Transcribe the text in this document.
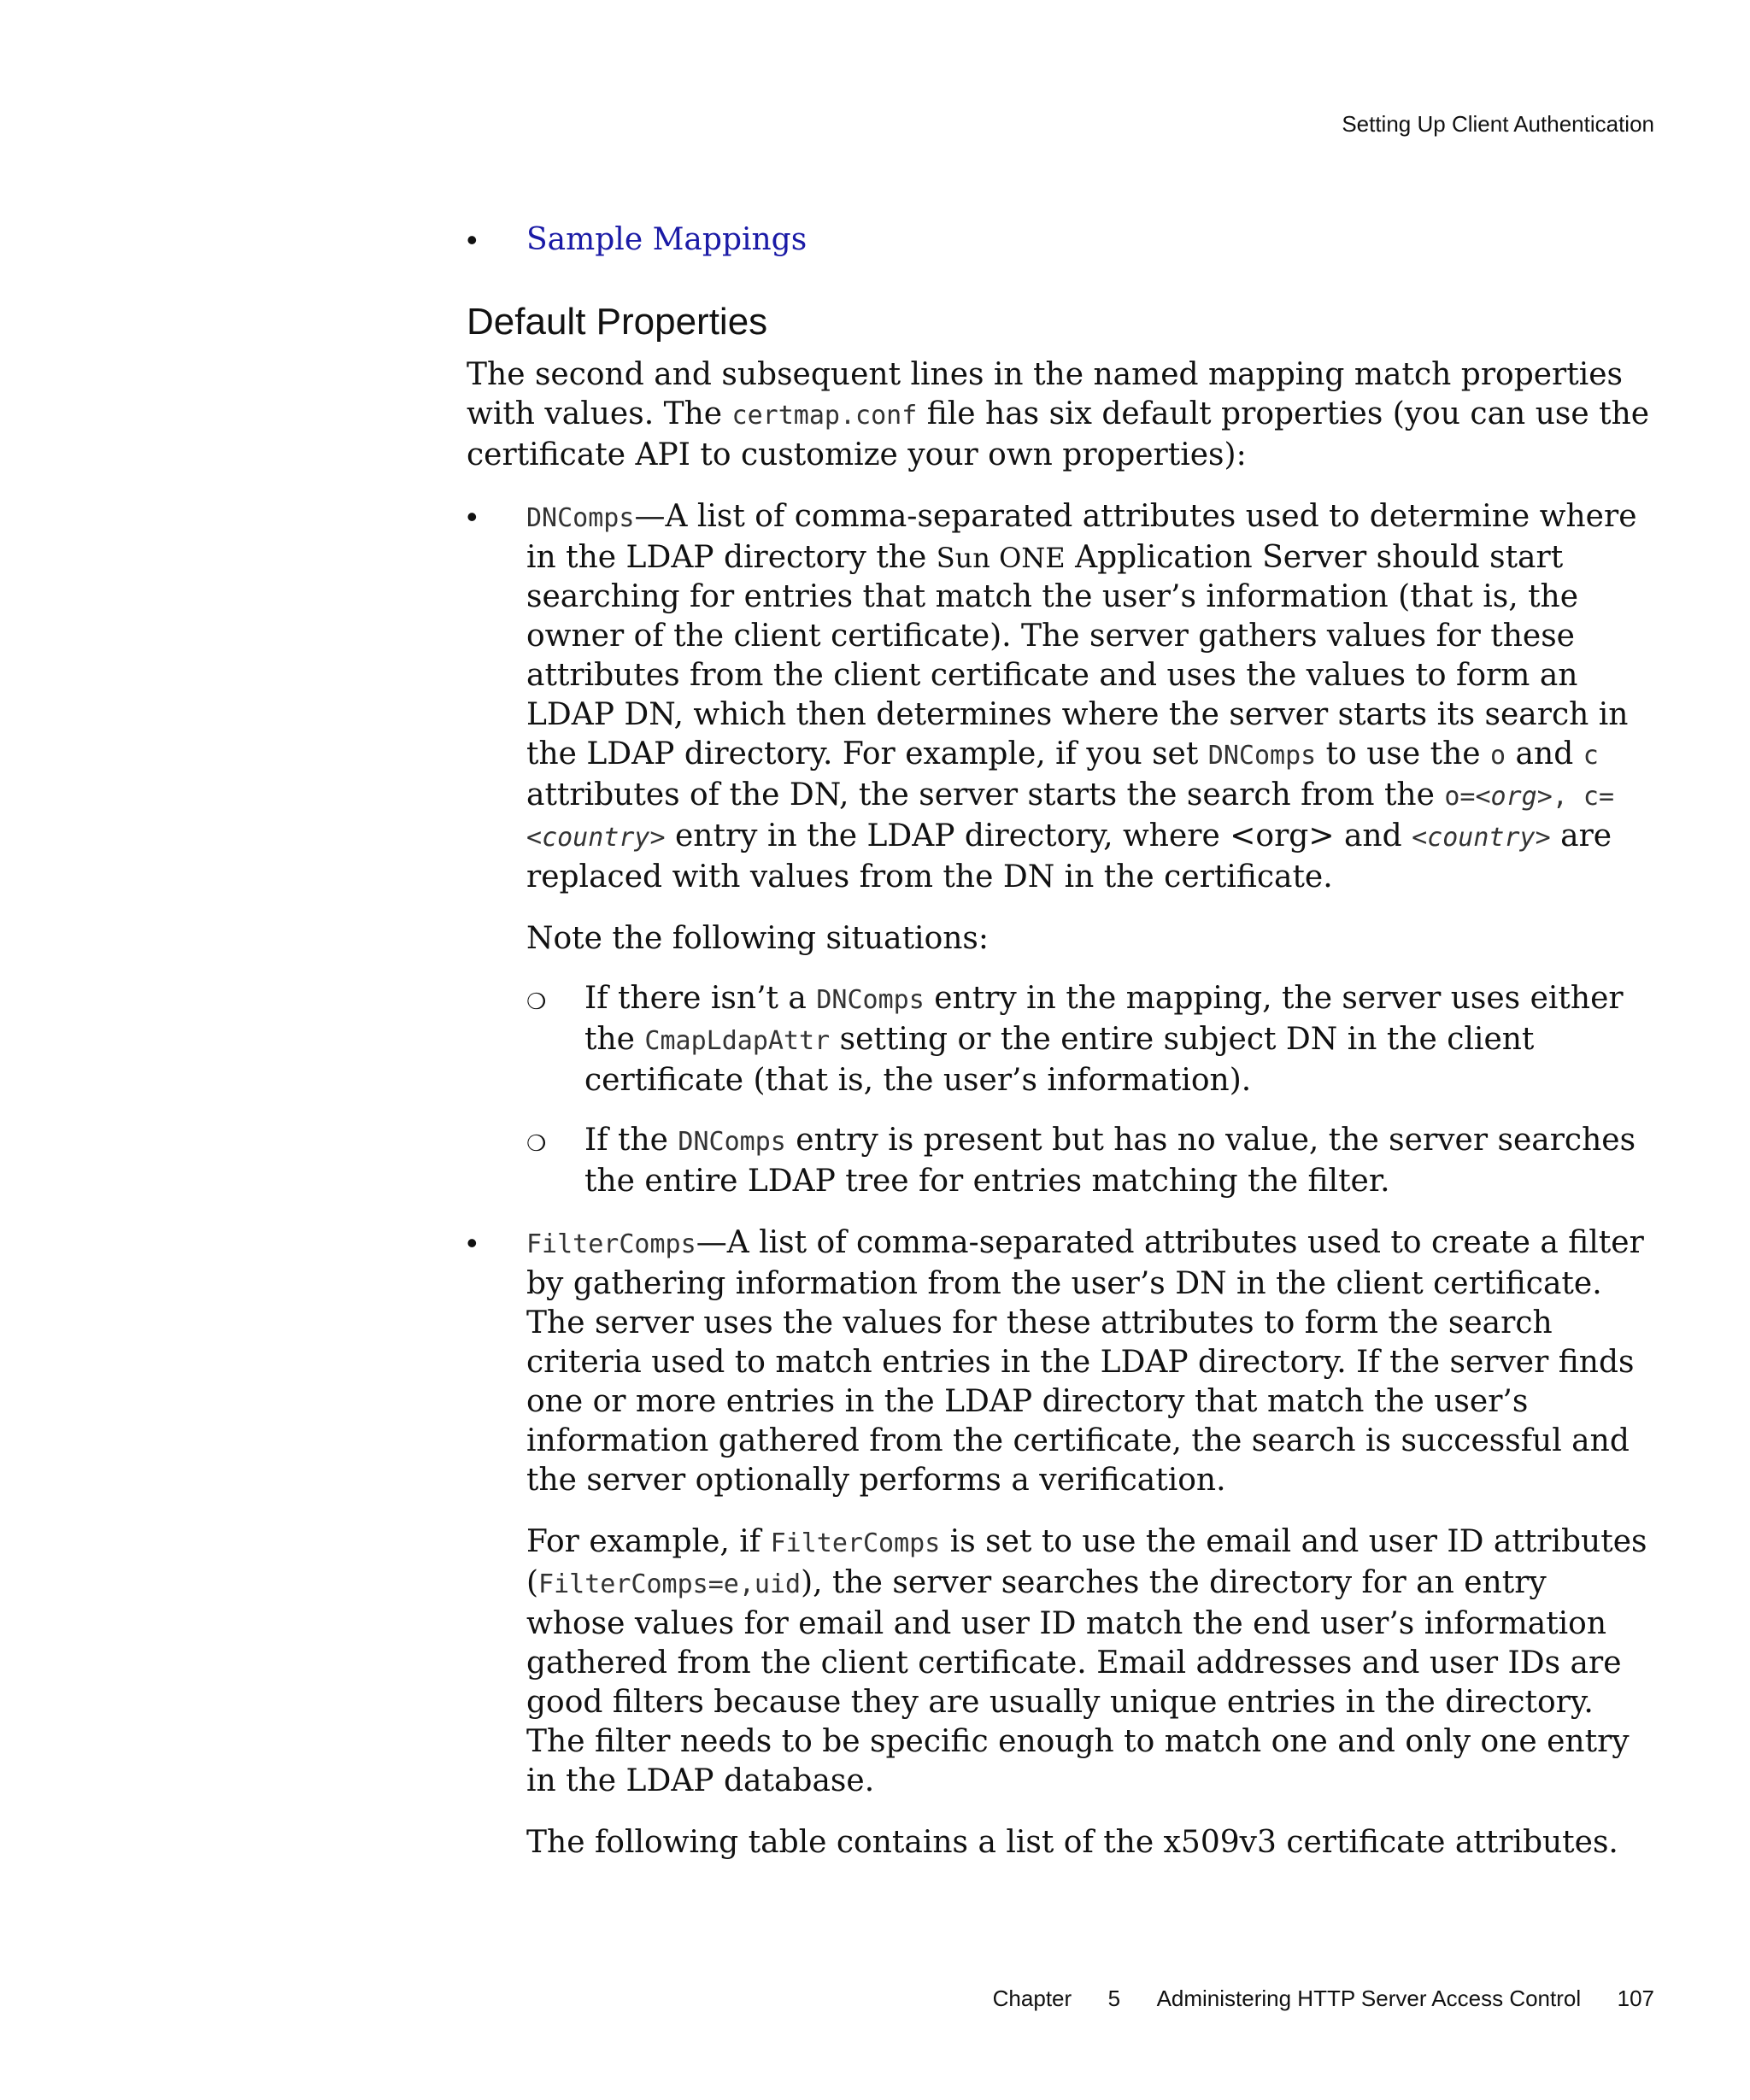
Setting Up Client Authentication
•	Sample Mappings
Default Properties

The second and subsequent lines in the named mapping match properties with values. The certmap.conf file has six default properties (you can use the certificate API to customize your own properties):

•	DNComps—A list of comma-separated attributes used to determine where in the LDAP directory the Sun ONE Application Server should start searching for entries that match the user’s information (that is, the owner of the client certificate). The server gathers values for these attributes from the client certificate and uses the values to form an LDAP DN, which then determines where the server starts its search in the LDAP directory. For example, if you set DNComps to use the o and c attributes of the DN, the server starts the search from the o=<org>, c=<country> entry in the LDAP directory, where <org> and <country> are replaced with values from the DN in the certificate.

Note the following situations:

❍	If there isn’t a DNComps entry in the mapping, the server uses either the CmapLdapAttr setting or the entire subject DN in the client certificate (that is, the user’s information).

❍	If the DNComps entry is present but has no value, the server searches the entire LDAP tree for entries matching the filter.

•	FilterComps—A list of comma-separated attributes used to create a filter by gathering information from the user’s DN in the client certificate. The server uses the values for these attributes to form the search criteria used to match entries in the LDAP directory. If the server finds one or more entries in the LDAP directory that match the user’s information gathered from the certificate, the search is successful and the server optionally performs a verification.

For example, if FilterComps is set to use the email and user ID attributes (FilterComps=e,uid), the server searches the directory for an entry whose values for email and user ID match the end user’s information gathered from the client certificate. Email addresses and user IDs are good filters because they are usually unique entries in the directory. The filter needs to be specific enough to match one and only one entry in the LDAP database.

The following table contains a list of the x509v3 certificate attributes.

Chapter 5 Administering HTTP Server Access Control 107
